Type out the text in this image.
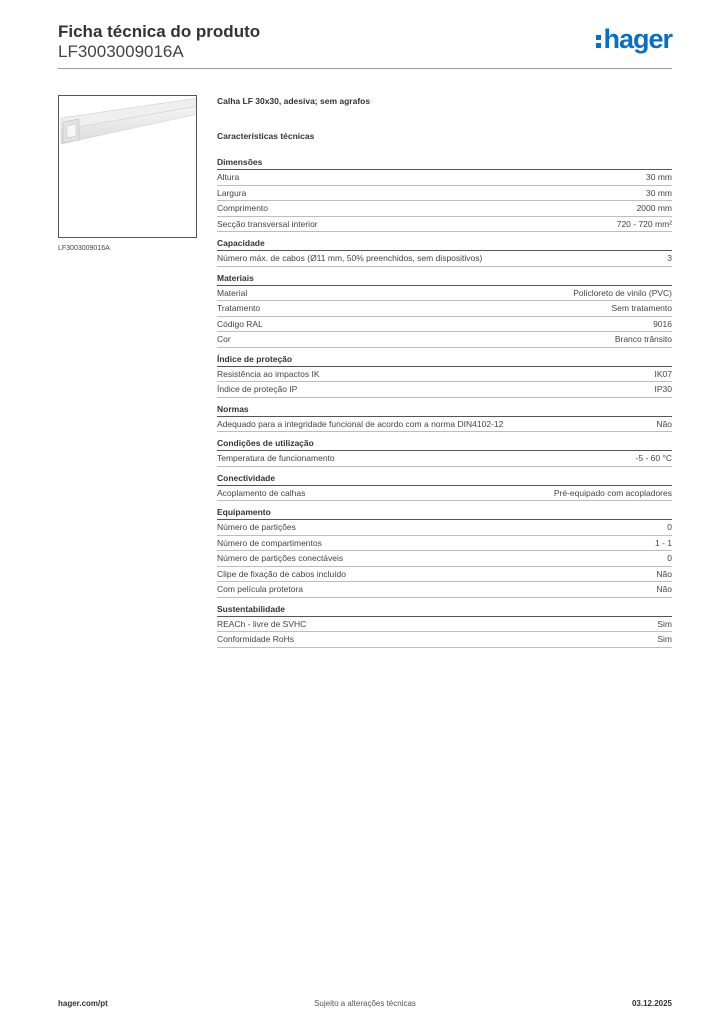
Ficha técnica do produto
LF3003009016A	hager
LF3003009016A
Calha LF 30x30, adesiva; sem agrafos
Características técnicas
Dimensões
Altura	30 mm
Largura	30 mm
Comprimento	2000 mm
Secção transversal interior	720 - 720 mm²
Capacidade
Número máx. de cabos (Ø11 mm, 50% preenchidos, sem dispositivos)	3
Materiais
Material	Policloreto de vinilo (PVC)
Tratamento	Sem tratamento
Código RAL	9016
Cor	Branco trânsito
Índice de proteção
Resistência ao impactos IK	IK07
Índice de proteção IP	IP30
Normas
Adequado para a integridade funcional de acordo com a norma DIN4102-12	Não
Condições de utilização
Temperatura de funcionamento	-5 - 60 °C
Conectividade
Acoplamento de calhas	Pré-equipado com acopladores
Equipamento
Número de partições	0
Número de compartimentos	1 - 1
Número de partições conectáveis	0
Clipe de fixação de cabos incluído	Não
Com película protetora	Não
Sustentabilidade
REACh - livre de SVHC	Sim
Conformidade RoHs	Sim
hager.com/pt	Sujeito a alterações técnicas	03.12.2025
